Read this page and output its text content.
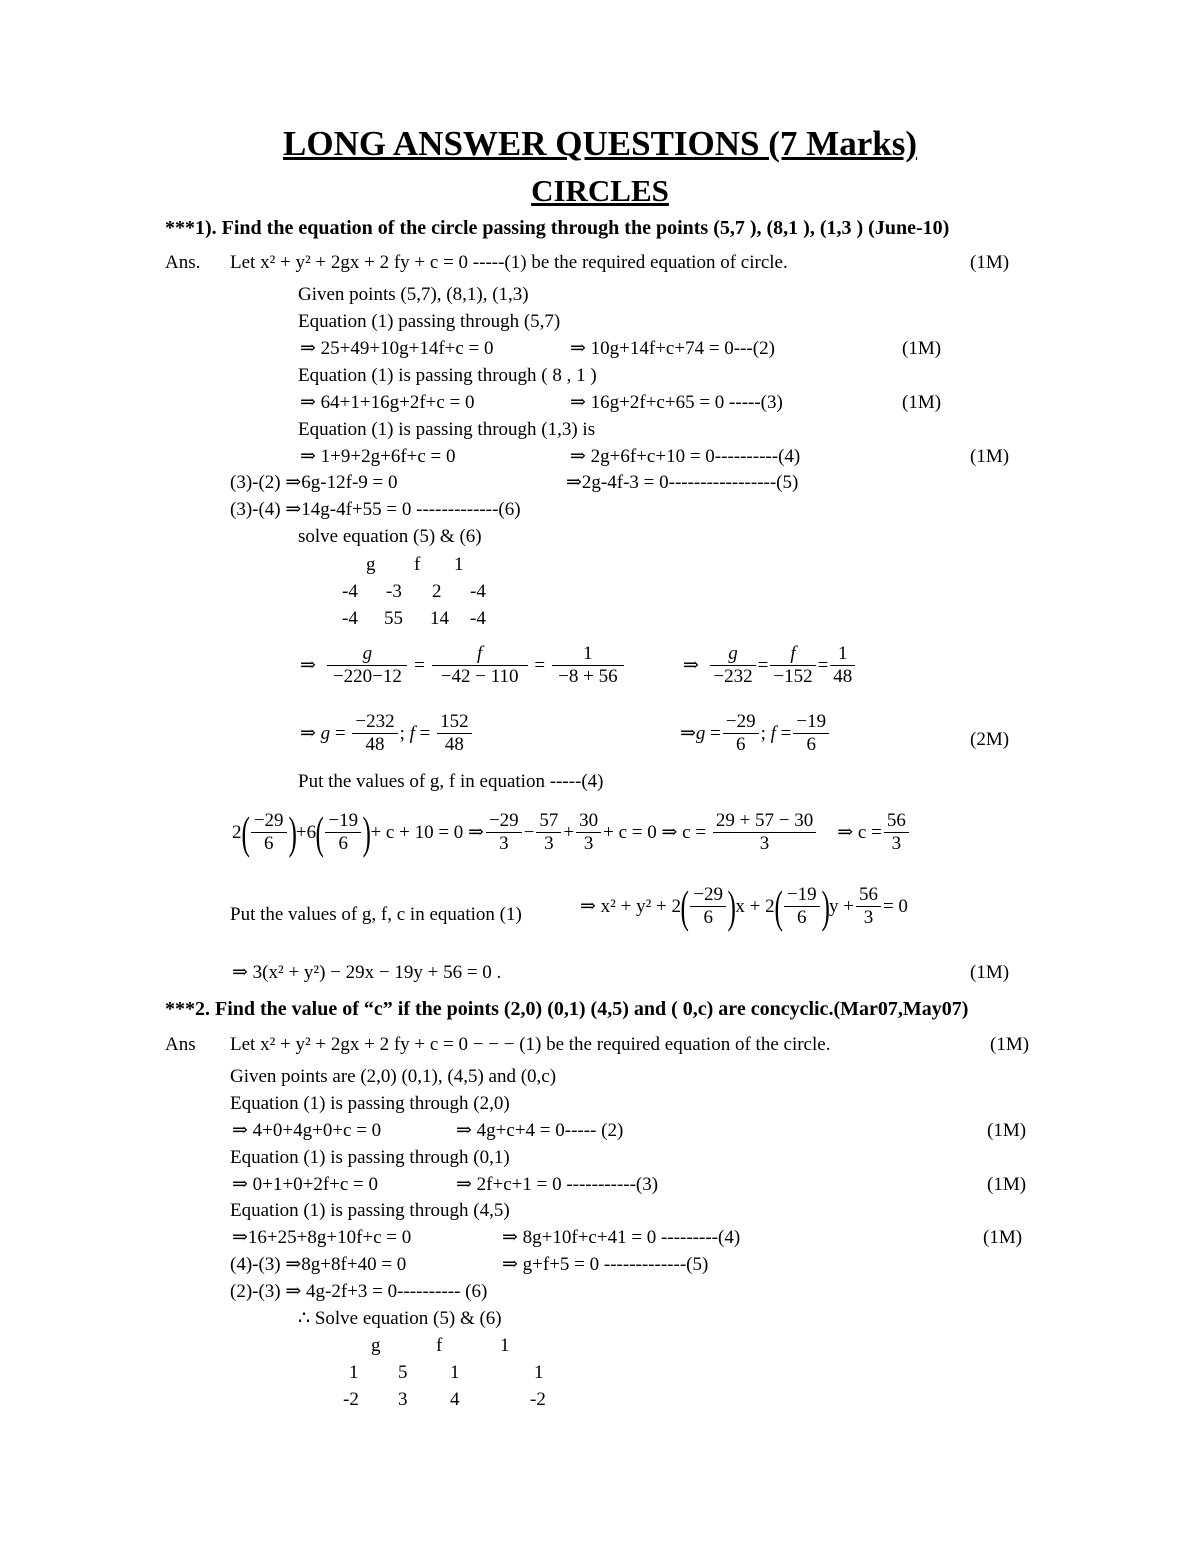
LONG ANSWER QUESTIONS (7 Marks)
CIRCLES
***1). Find the equation of the circle passing through the points (5,7 ), (8,1 ), (1,3 ) (June-10)
Ans. Let x² + y² + 2gx + 2 fy + c = 0 -----(1) be the required equation of circle.	(1M)
Given points (5,7), (8,1), (1,3)
Equation (1) passing through (5,7)
⇒ 25+49+10g+14f+c = 0	⇒ 10g+14f+c+74 = 0---(2)	(1M)
Equation (1) is passing through ( 8 , 1 )
⇒ 64+1+16g+2f+c = 0	⇒ 16g+2f+c+65 = 0 -----(3)	(1M)
Equation (1) is passing through (1,3) is
⇒ 1+9+2g+6f+c = 0	⇒ 2g+6f+c+10 = 0----------(4)	(1M)
(3)-(2) ⇒6g-12f-9 = 0	⇒2g-4f-3 = 0-----------------(5)
(3)-(4) ⇒14g-4f+55 = 0 -------------(6)
solve equation (5) & (6)
g f 1
-4 -3 2 -4
-4 55 14 -4
⇒
$\frac{g}{-220-12} = \frac{f}{-42 - 110} = \frac{1}{-8 + 56}$	⇒
$\frac{g}{-232} = \frac{f}{-152} = \frac{1}{48}$
⇒ $g = \frac{-232}{48}$ ; $f = \frac{152}{48}$	⇒ $g = \frac{-29}{6}$ ; $f = \frac{-19}{6}$	(2M)
Put the values of g, f in equation -----(4)
2 ( $\frac{-29}{6}$ ) + 6 ( $\frac{-19}{6}$ ) + c + 10 = 0 ⇒ $\frac{-29}{3} - \frac{57}{3} + \frac{30}{3} + c = 0$ ⇒ c =
$\frac{29 + 57 - 30}{3}$
⇒ $c = \frac{56}{3}$
Put the values of g, f, c in equation (1)	⇒ x² + y² + 2 ( $\frac{-29}{6}$ ) x + 2 ( $\frac{-19}{6}$ ) $y + \frac{56}{3} = 0$
⇒ 3(x² + y²) − 29x − 19y + 56 = 0 .	(1M)
***2. Find the value of “c” if the points (2,0) (0,1) (4,5) and ( 0,c) are concyclic.(Mar07,May07)
Ans Let x² + y² + 2gx + 2 fy + c = 0 − − − (1) be the required equation of the circle.	(1M)
Given points are (2,0) (0,1), (4,5) and (0,c)
Equation (1) is passing through (2,0)
⇒ 4+0+4g+0+c = 0	⇒ 4g+c+4 = 0----- (2)	(1M)
Equation (1) is passing through (0,1)
⇒ 0+1+0+2f+c = 0	⇒ 2f+c+1 = 0 -----------(3)	(1M)
Equation (1) is passing through (4,5)
⇒16+25+8g+10f+c = 0	⇒ 8g+10f+c+41 = 0 ---------(4)	(1M)
(4)-(3) ⇒8g+8f+40 = 0	⇒ g+f+5 = 0 -------------(5)
(2)-(3) ⇒ 4g-2f+3 = 0---------- (6)
∴ Solve equation (5) & (6)
g	f	1
1 5 1	1
-2 3 4	-2
